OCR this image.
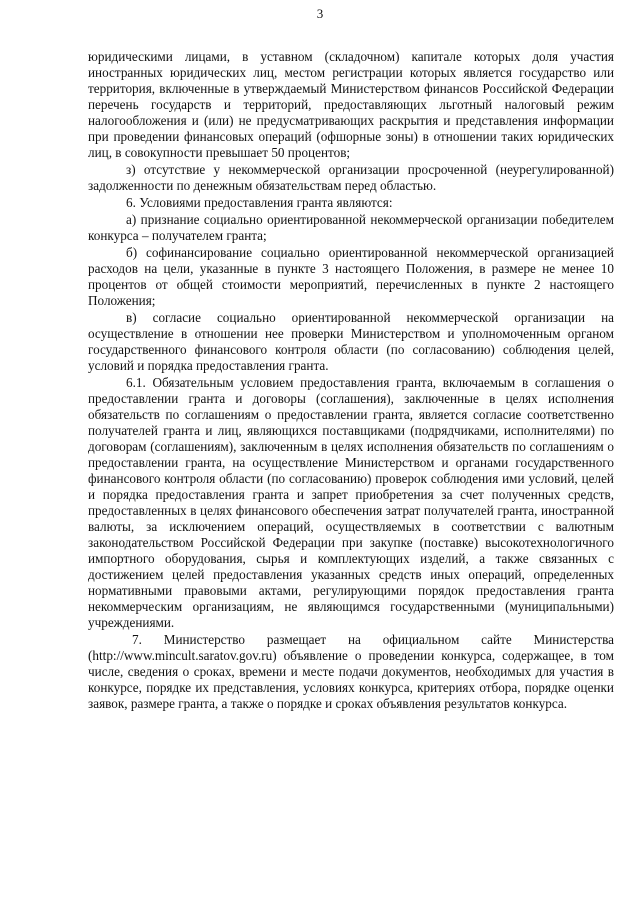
3

юридическими лицами, в уставном (складочном) капитале которых доля участия иностранных юридических лиц, местом регистрации которых является государство или территория, включенные в утверждаемый Министерством финансов Российской Федерации перечень государств и территорий, предоставляющих льготный налоговый режим налогообложения и (или) не предусматривающих раскрытия и представления информации при проведении финансовых операций (офшорные зоны) в отношении таких юридических лиц, в совокупности превышает 50 процентов;

з) отсутствие у некоммерческой организации просроченной (неурегулированной) задолженности по денежным обязательствам перед областью.

6. Условиями предоставления гранта являются:

а) признание социально ориентированной некоммерческой организации победителем конкурса – получателем гранта;

б) софинансирование социально ориентированной некоммерческой организацией расходов на цели, указанные в пункте 3 настоящего Положения, в размере не менее 10 процентов от общей стоимости мероприятий, перечисленных в пункте 2 настоящего Положения;

в) согласие социально ориентированной некоммерческой организации на осуществление в отношении нее проверки Министерством и уполномоченным органом государственного финансового контроля области (по согласованию) соблюдения целей, условий и порядка предоставления гранта.

6.1. Обязательным условием предоставления гранта, включаемым в соглашения о предоставлении гранта и договоры (соглашения), заключенные в целях исполнения обязательств по соглашениям о предоставлении гранта, является согласие соответственно получателей гранта и лиц, являющихся поставщиками (подрядчиками, исполнителями) по договорам (соглашениям), заключенным в целях исполнения обязательств по соглашениям о предоставлении гранта, на осуществление Министерством и органами государственного финансового контроля области (по согласованию) проверок соблюдения ими условий, целей и порядка предоставления гранта и запрет приобретения за счет полученных средств, предоставленных в целях финансового обеспечения затрат получателей гранта, иностранной валюты, за исключением операций, осуществляемых в соответствии с валютным законодательством Российской Федерации при закупке (поставке) высокотехнологичного импортного оборудования, сырья и комплектующих изделий, а также связанных с достижением целей предоставления указанных средств иных операций, определенных нормативными правовыми актами, регулирующими порядок предоставления гранта некоммерческим организациям, не являющимся государственными (муниципальными) учреждениями.

7. Министерство размещает на официальном сайте Министерства (http://www.mincult.saratov.gov.ru) объявление о проведении конкурса, содержащее, в том числе, сведения о сроках, времени и месте подачи документов, необходимых для участия в конкурсе, порядке их представления, условиях конкурса, критериях отбора, порядке оценки заявок, размере гранта, а также о порядке и сроках объявления результатов конкурса.
